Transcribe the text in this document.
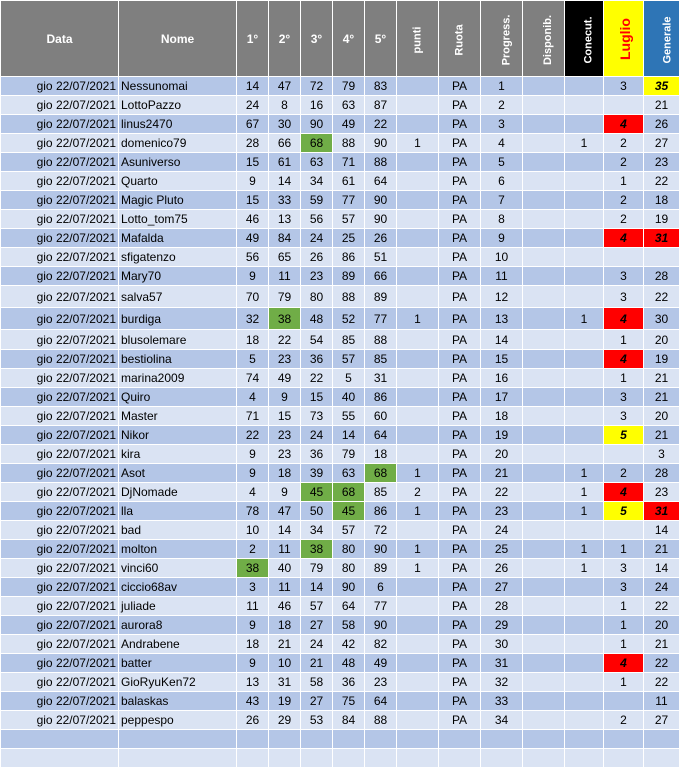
Data	Nome	1°	2°	3°	4°	5°	punti	Ruota	Progress.	Disponib.	Conecut.	Luglio	Generale
gio 22/07/2021	Nessunomai	14	47	72	79	83		PA	1			3	35
gio 22/07/2021	LottoPazzo	24	8	16	63	87		PA	2				21
gio 22/07/2021	linus2470	67	30	90	49	22		PA	3			4	26
gio 22/07/2021	domenico79	28	66	68	88	90	1	PA	4		1	2	27
gio 22/07/2021	Asuniverso	15	61	63	71	88		PA	5			2	23
gio 22/07/2021	Quarto	9	14	34	61	64		PA	6			1	22
gio 22/07/2021	Magic Pluto	15	33	59	77	90		PA	7			2	18
gio 22/07/2021	Lotto_tom75	46	13	56	57	90		PA	8			2	19
gio 22/07/2021	Mafalda	49	84	24	25	26		PA	9			4	31
gio 22/07/2021	sfigatenzo	56	65	26	86	51		PA	10				
gio 22/07/2021	Mary70	9	11	23	89	66		PA	11			3	28
gio 22/07/2021	salva57	70	79	80	88	89		PA	12			3	22
gio 22/07/2021	burdiga	32	38	48	52	77	1	PA	13		1	4	30
gio 22/07/2021	blusolemare	18	22	54	85	88		PA	14			1	20
gio 22/07/2021	bestiolina	5	23	36	57	85		PA	15			4	19
gio 22/07/2021	marina2009	74	49	22	5	31		PA	16			1	21
gio 22/07/2021	Quiro	4	9	15	40	86		PA	17			3	21
gio 22/07/2021	Master	71	15	73	55	60		PA	18			3	20
gio 22/07/2021	Nikor	22	23	24	14	64		PA	19			5	21
gio 22/07/2021	kira	9	23	36	79	18		PA	20				3
gio 22/07/2021	Asot	9	18	39	63	68	1	PA	21		1	2	28
gio 22/07/2021	DjNomade	4	9	45	68	85	2	PA	22		1	4	23
gio 22/07/2021	lla	78	47	50	45	86	1	PA	23		1	5	31
gio 22/07/2021	bad	10	14	34	57	72		PA	24				14
gio 22/07/2021	molton	2	11	38	80	90	1	PA	25		1	1	21
gio 22/07/2021	vinci60	38	40	79	80	89	1	PA	26		1	3	14
gio 22/07/2021	ciccio68av	3	11	14	90	6		PA	27			3	24
gio 22/07/2021	juliade	11	46	57	64	77		PA	28			1	22
gio 22/07/2021	aurora8	9	18	27	58	90		PA	29			1	20
gio 22/07/2021	Andrabene	18	21	24	42	82		PA	30			1	21
gio 22/07/2021	batter	9	10	21	48	49		PA	31			4	22
gio 22/07/2021	GioRyuKen72	13	31	58	36	23		PA	32			1	22
gio 22/07/2021	balaskas	43	19	27	75	64		PA	33				11
gio 22/07/2021	peppespo	26	29	53	84	88		PA	34			2	27
